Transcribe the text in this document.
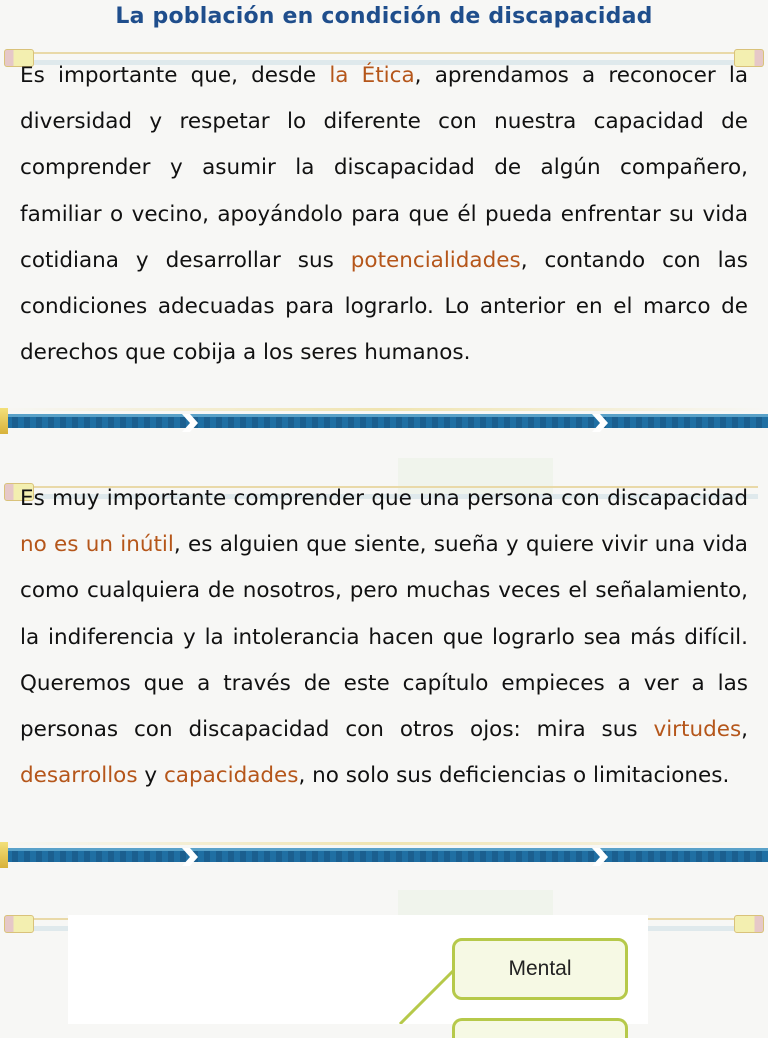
La población en condición de discapacidad
Es importante que, desde la Ética, aprendamos a reconocer la diversidad y respetar lo diferente con nuestra capacidad de comprender y asumir la discapacidad de algún compañero, familiar o vecino, apoyándolo para que él pueda enfrentar su vida cotidiana y desarrollar sus potencialidades, contando con las condiciones adecuadas para lograrlo. Lo anterior en el marco de derechos que cobija a los seres humanos.
Es muy importante comprender que una persona con discapacidad no es un inútil, es alguien que siente, sueña y quiere vivir una vida como cualquiera de nosotros, pero muchas veces el señalamiento, la indiferencia y la intolerancia hacen que lograrlo sea más difícil. Queremos que a través de este capítulo empieces a ver a las personas con discapacidad con otros ojos: mira sus virtudes, desarrollos y capacidades, no solo sus deficiencias o limitaciones.
Mental
